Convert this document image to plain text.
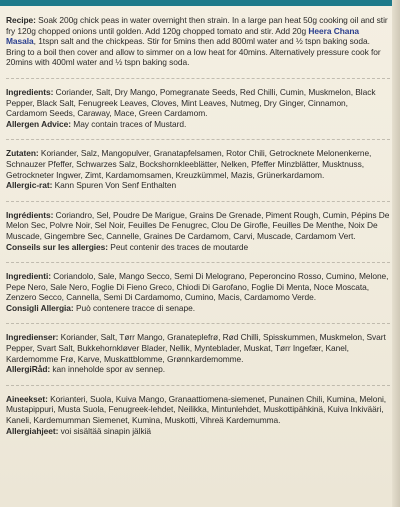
Recipe: Soak 200g chick peas in water overnight then strain. In a large pan heat 50g cooking oil and stir fry 120g chopped onions until golden. Add 120g chopped tomato and stir. Add 20g Heera Chana Masala, 1tspn salt and the chickpeas. Stir for 5mins then add 800ml water and ½ tspn baking soda. Bring to a boil then cover and allow to simmer on a low heat for 40mins. Alternatively pressure cook for 20mins with 400ml water and ½ tspn baking soda.

Ingredients: Coriander, Salt, Dry Mango, Pomegranate Seeds, Red Chilli, Cumin, Muskmelon, Black Pepper, Black Salt, Fenugreek Leaves, Cloves, Mint Leaves, Nutmeg, Dry Ginger, Cinnamon, Cardamom Seeds, Caraway, Mace, Green Cardamom.

Allergen Advice: May contain traces of Mustard.

Zutaten: Koriander, Salz, Mangopulver, Granatapfelsamen, Rotor Chili, Getrocknete Melonenkerne, Schnauzer Pfeffer, Schwarzes Salz, Bockshornkleeblätter, Nelken, Pfeffer Minzblätter, Musktnuss, Getrockneter Ingwer, Zimt, Kardamomsamen, Kreuzkümmel, Mazis, Grünerkardamom.

Allergic-rat: Kann Spuren Von Senf Enthalten

Ingrédients: Coriandro, Sel, Poudre De Marigue, Grains De Grenade, Piment Rough, Cumin, Pépins De Melon Sec, Polvre Noir, Sel Noir, Feuilles De Fenugrec, Clou De Girofle, Feuilles De Menthe, Noix De Muscade, Gingembre Sec, Cannelle, Graines De Cardamom, Carvi, Muscade, Cardamom Vert.

Conseils sur les allergies: Peut contenir des traces de moutarde

Ingredienti: Coriandolo, Sale, Mango Secco, Semi Di Melograno, Peperoncino Rosso, Cumino, Melone, Pepe Nero, Sale Nero, Foglie Di Fieno Greco, Chiodi Di Garofano, Foglie Di Menta, Noce Moscata, Zenzero Secco, Cannella, Semi Di Cardamomo, Cumino, Macis, Cardamomo Verde.

Consigli Allergia: Può contenere tracce di senape.

Ingredienser: Koriander, Salt, Tørr Mango, Granateplefrø, Rød Chilli, Spisskummen, Muskmelon, Svart Pepper, Svart Salt, Bukkehornkløver Blader, Nellik, Mynteblader, Muskat, Tørr Ingefær, Kanel, Kardemomme Frø, Karve, Muskattblomme, Grønnkardemomme.

AllergiRåd: kan inneholde spor av sennep.

Aineekset: Korianteri, Suola, Kuiva Mango, Granaattiomena-siemenet, Punainen Chili, Kumina, Meloni, Mustapippuri, Musta Suola, Fenugreek-lehdet, Neilikka, Mintunlehdet, Muskottipähkinä, Kuiva Inkivääri, Kaneli, Kardemumman Siemenet, Kumina, Muskotti, Vihreä Kardemumma.

Allergiahjeet: voi sisältää sinapin jälkiä
